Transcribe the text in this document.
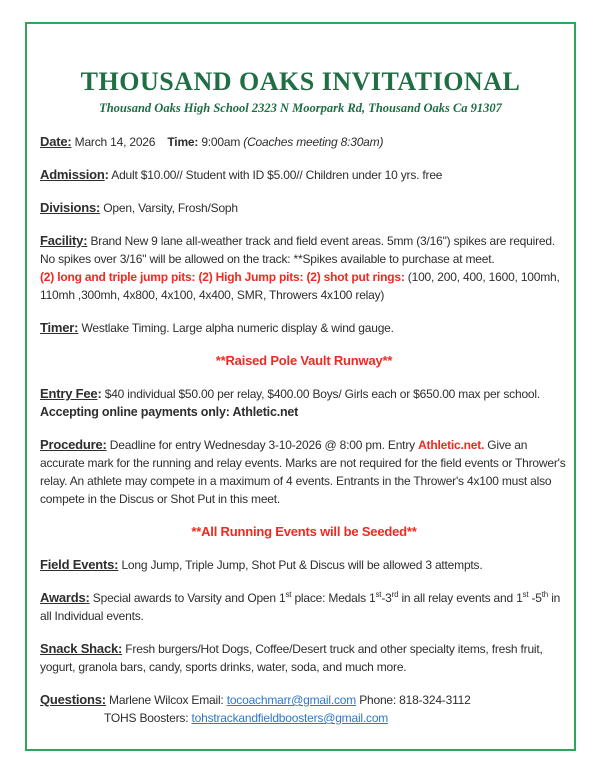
THOUSAND OAKS INVITATIONAL
Thousand Oaks High School 2323 N Moorpark Rd, Thousand Oaks Ca 91307

Date: March 14, 2026 Time: 9:00am (Coaches meeting 8:30am)

Admission: Adult $10.00// Student with ID $5.00// Children under 10 yrs. free

Divisions: Open, Varsity, Frosh/Soph

Facility: Brand New 9 lane all-weather track and field event areas. 5mm (3/16") spikes are required. No spikes over 3/16" will be allowed on the track: **Spikes available to purchase at meet.
(2) long and triple jump pits: (2) High Jump pits: (2) shot put rings: (100, 200, 400, 1600, 100mh, 110mh ,300mh, 4x800, 4x100, 4x400, SMR, Throwers 4x100 relay)

Timer: Westlake Timing. Large alpha numeric display & wind gauge.

**Raised Pole Vault Runway**

Entry Fee: $40 individual $50.00 per relay, $400.00 Boys/ Girls each or $650.00 max per school.
Accepting online payments only: Athletic.net

Procedure: Deadline for entry Wednesday 3-10-2026 @ 8:00 pm. Entry Athletic.net. Give an accurate mark for the running and relay events. Marks are not required for the field events or Thrower's relay. An athlete may compete in a maximum of 4 events. Entrants in the Thrower's 4x100 must also compete in the Discus or Shot Put in this meet.

**All Running Events will be Seeded**

Field Events: Long Jump, Triple Jump, Shot Put & Discus will be allowed 3 attempts.

Awards: Special awards to Varsity and Open 1st place: Medals 1st-3rd in all relay events and 1st -5th in all Individual events.

Snack Shack: Fresh burgers/Hot Dogs, Coffee/Desert truck and other specialty items, fresh fruit, yogurt, granola bars, candy, sports drinks, water, soda, and much more.

Questions: Marlene Wilcox Email: tocoachmarr@gmail.com Phone: 818-324-3112
TOHS Boosters: tohstrackandfieldboosters@gmail.com
